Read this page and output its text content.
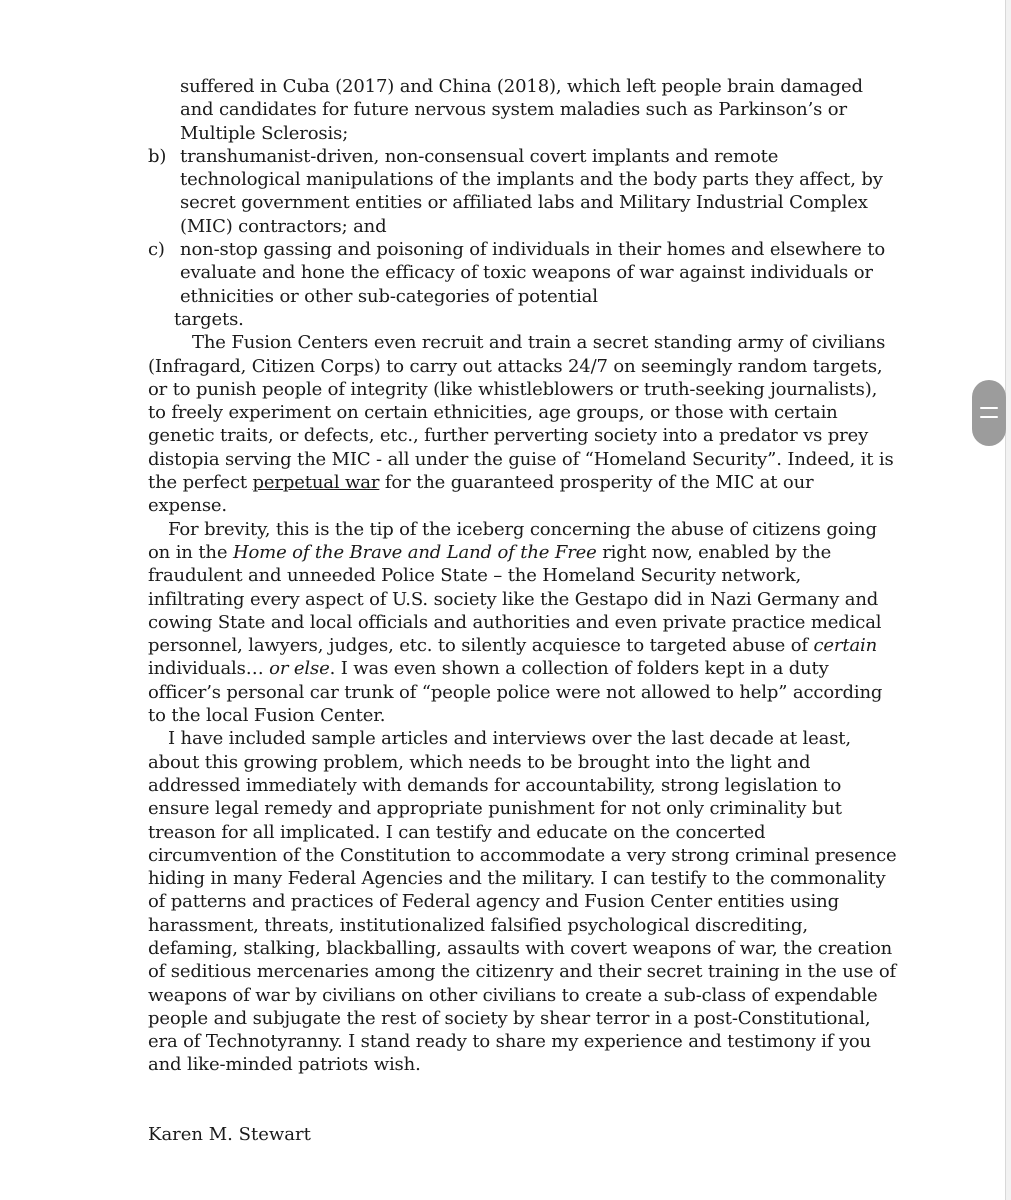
suffered in Cuba (2017) and China (2018), which left people brain damaged and candidates for future nervous system maladies such as Parkinson’s or Multiple Sclerosis;

b) transhumanist-driven, non-consensual covert implants and remote technological manipulations of the implants and the body parts they affect, by secret government entities or affiliated labs and Military Industrial Complex (MIC) contractors; and
c) non-stop gassing and poisoning of individuals in their homes and elsewhere to evaluate and hone the efficacy of toxic weapons of war against individuals or ethnicities or other sub-categories of potential

targets.

The Fusion Centers even recruit and train a secret standing army of civilians (Infragard, Citizen Corps) to carry out attacks 24/7 on seemingly random targets, or to punish people of integrity (like whistleblowers or truth-seeking journalists), to freely experiment on certain ethnicities, age groups, or those with certain genetic traits, or defects, etc., further perverting society into a predator vs prey distopia serving the MIC - all under the guise of “Homeland Security”. Indeed, it is the perfect perpetual war for the guaranteed prosperity of the MIC at our expense.

For brevity, this is the tip of the iceberg concerning the abuse of citizens going on in the Home of the Brave and Land of the Free right now, enabled by the fraudulent and unneeded Police State – the Homeland Security network, infiltrating every aspect of U.S. society like the Gestapo did in Nazi Germany and cowing State and local officials and authorities and even private practice medical personnel, lawyers, judges, etc. to silently acquiesce to targeted abuse of certain individuals… or else. I was even shown a collection of folders kept in a duty officer’s personal car trunk of “people police were not allowed to help” according to the local Fusion Center.

I have included sample articles and interviews over the last decade at least, about this growing problem, which needs to be brought into the light and addressed immediately with demands for accountability, strong legislation to ensure legal remedy and appropriate punishment for not only criminality but treason for all implicated. I can testify and educate on the concerted circumvention of the Constitution to accommodate a very strong criminal presence hiding in many Federal Agencies and the military. I can testify to the commonality of patterns and practices of Federal agency and Fusion Center entities using harassment, threats, institutionalized falsified psychological discrediting, defaming, stalking, blackballing, assaults with covert weapons of war, the creation of seditious mercenaries among the citizenry and their secret training in the use of weapons of war by civilians on other civilians to create a sub-class of expendable people and subjugate the rest of society by shear terror in a post-Constitutional, era of Technotyranny. I stand ready to share my experience and testimony if you and like-minded patriots wish.

Karen M. Stewart
